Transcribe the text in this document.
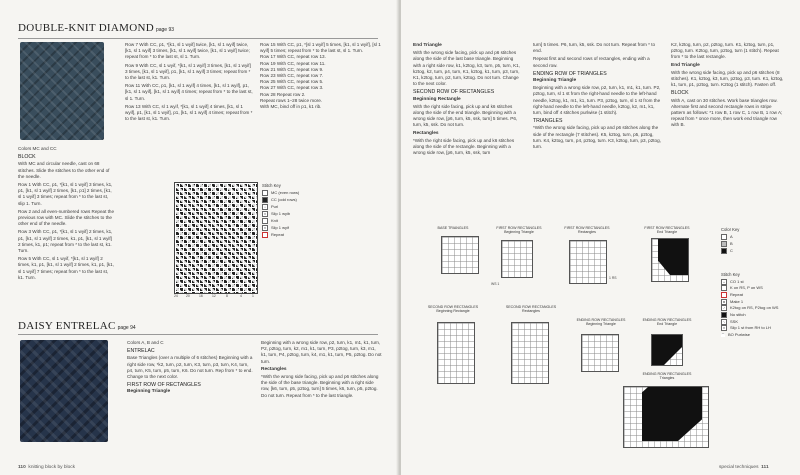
DOUBLE-KNIT DIAMOND page 93

Colors MC and CC

BLOCK

With MC and circular needle, cast on 68 stitches. Slide the stitches to the other end of the needle.

Row 1 With CC, p1, *[k1, sl 1 wyif] 3 times, k1, p1, [k1, sl 1 wyif] 2 times, [k1, p1] 2 times, [k1, sl 1 wyif] 3 times; repeat from * to the last st, slip 1. Turn.

Row 2 and all even-numbered rows Repeat the previous row with MC. Slide the stitches to the other end of the needle.

Row 3 With CC, p1, *[k1, sl 1 wyif] 2 times, k1, p1, [k1, sl 1 wyif] 2 times, k1, p1, [k1, sl 1 wyif] 2 times, k1, p1; repeat from * to the last st, k1. Turn.

Row 5 With CC, sl 1 wyif, *[k1, sl 1 wyif] 2 times, k1, p1, [k1, sl 1 wyif] 2 times, k1, p1, [k1, sl 1 wyif] 7 times; repeat from * to the last st, k1. Turn.

Row 7 With CC, p1, *[k1, sl 1 wyif] twice, [k1, sl 1 wyif] twice, [k1, sl 1 wyif] 3 times, [k1, sl 1 wyif] twice, [k1, sl 1 wyif] twice; repeat from * to the last st, sl 1. Turn.

Row 9 With CC, sl 1 wyif, *[k1, sl 1 wyif] 3 times, [k1, sl 1 wyif] 3 times, [k1, sl 1 wyif], p1, [k1, sl 1 wyif] 3 times; repeat from * to the last st, k1. Turn.

Row 11 With CC, p1, [k1, sl 1 wyif] 4 times, [k1, sl 1 wyif], p1, [k1, sl 1 wyif], [k1, sl 1 wyif] 4 times; repeat from * to the last st, sl 1. Turn.

Row 13 With CC, sl 1 wyif, *[k1, sl 1 wyif] 4 times, [k1, sl 1 wyif], p1, [k1, sl 1 wyif], p1, [k1, sl 1 wyif] 4 times; repeat from * to the last st, k1. Turn.

Row 15 With CC, p1, *[sl 1 wyif] 5 times, [k1, sl 1 wyif], [sl 1 wyif] 5 times; repeat from * to the last st, sl 1. Turn.

Row 17 With CC, repeat row 13.

Row 19 With CC, repeat row 11.

Row 21 With CC, repeat row 9.

Row 23 With CC, repeat row 7.

Row 25 With CC, repeat row 5.

Row 27 With CC, repeat row 3.

Row 28 Repeat row 2.

Repeat rows 1–28 twice more.

With MC, bind off in p1, k1 rib.

24 20	16	12	8	4	1
Stitch Key
MC (even rows)
CC (odd rows)
• Purl
V Slip 1 wyib
Knit
V Slip 1 wyif
Repeat
DAISY ENTRELAC page 94

Colors A, B and C

ENTRELAC

Base Triangles (over a multiple of 6 stitches) Beginning with a right side row, *k2, turn, p2, turn, K3, turn, p3, turn, K4, turn, p4, turn, K5, turn, p5, turn, K6. Do not turn. Rep from * to end. Change to the next color.

FIRST ROW OF RECTANGLES
Beginning Triangle

Beginning with a wrong side row, p2, turn, k1, m1, k1, turn, P2, p2tog, turn, k2, m1, k1, turn, P3, p2tog, turn, k3, m1, k1, turn, P4, p2tog, turn, k4, m1, k1, turn, P5, p2tog. Do not turn.

Rectangles

*With the wrong side facing, pick up and p6 stitches along the side of the base triangle. Beginning with a right side row, [k6, turn, p5, p2tog, turn] 5 times, k6, turn, p5, p2tog. Do not turn. Repeat from * to the last triangle.

110 knitting block by block
End Triangle

With the wrong side facing, pick up and p6 stitches along the side of the last base triangle. Beginning with a right side row, k1, k2tog, k3, turn, p5, turn, K1, k2tog, k2, turn, p4, turn, K1, k2tog, k1, turn, p3, turn, K1, k2tog, turn, p2, turn, k2tog. Do not turn. Change to the next color.

SECOND ROW OF RECTANGLES
Beginning Rectangle

With the right side facing, pick up and k6 stitches along the side of the end triangle. Beginning with a wrong side row, [p6, turn, k5, ssk, turn] 5 times. P6, turn, k5, ssk. Do not turn.

Rectangles

*With the right side facing, pick up and k6 stitches along the side of the rectangle. Beginning with a wrong side row, [p6, turn, k5, ssk, turn

turn] 5 times. P6, turn, k5, ssk. Do not turn. Repeat from * to end.

Repeat first and second rows of rectangles, ending with a second row.

ENDING ROW OF TRIANGLES
Beginning Triangle

Beginning with a wrong side row, p2, turn, k1, m1, k1, turn. P2, p2tog, turn, sl 1 st from the right-hand needle to the left-hand needle, k2tog, k1, m1, k1, turn. P3, p2tog, turn, sl 1 st from the right-hand needle to the left-hand needle, k2tog, k2, m1, k1, turn, bind off 4 stitches purlwise (1 stitch).

TRIANGLES

*With the wrong side facing, pick up and p6 stitches along the side of the rectangle (7 stitches). K5, k2tog, turn, p5, p2tog, turn. K4, k2tog, turn, p4, p2tog, turn. K3, k2tog, turn, p3, p2tog, turn.

K2, k2tog, turn, p2, p2tog, turn. K1, k2tog, turn, p1, p2tog, turn. K2tog, turn, p2tog, turn (1 stitch). Repeat from * to the last rectangle.

End Triangle

With the wrong side facing, pick up and p6 stitches (8 stitches). K1, k2tog, k3, turn, p2tog, p3, turn. K1, k2tog, k1, turn, p1, p2tog, turn. K2tog (1 stitch). Fasten off.

BLOCK

With A, cast on 30 stitches. Work base triangles row. Alternate first and second rectangle rows in stripe pattern as follows: *1 row B, 1 row C, 1 row B, 1 row A; repeat from * once more, then work end triangle row with B.

BASE TRIANGLES	FIRST ROW RECTANGLES
Beginning Triangle
WS 1
FIRST ROW RECTANGLES
Rectangles
1 RS
FIRST ROW RECTANGLES
End Triangle
SECOND ROW RECTANGLES
Beginning Rectangle
SECOND ROW RECTANGLES
Rectangles
ENDING ROW RECTANGLES
Beginning Triangle
ENDING ROW RECTANGLES
End Triangle
ENDING ROW RECTANGLES
Triangles
Color Key
A
B
C
Stitch Key
+ CO 1 st
K on RS, P on WS
Repeat
M Make 1
/ K2tog on RS, P2tog on WS
No stitch
\ SSK
V Slip 1 st from RH to LH
⌒ BO Purlwise
special techniques 111
